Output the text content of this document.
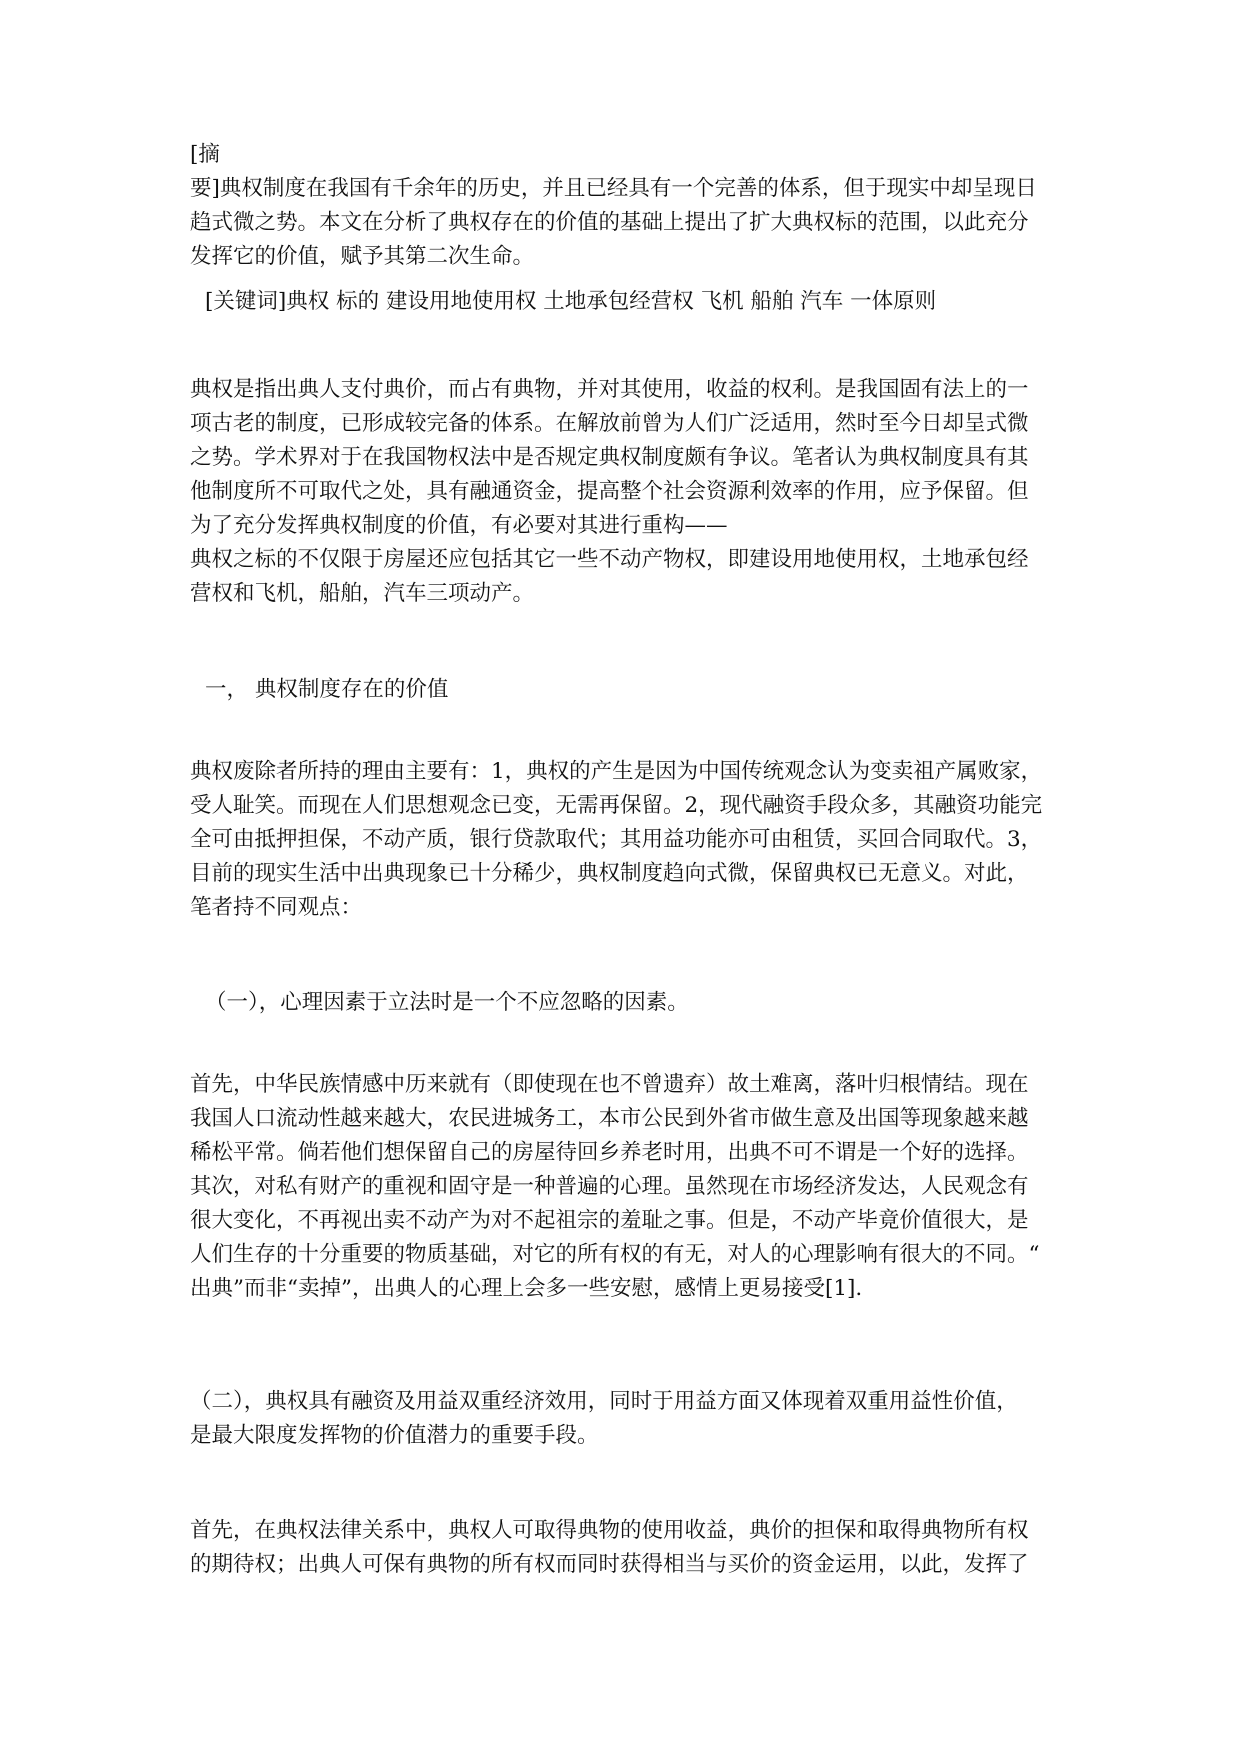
[摘
要]典权制度在我国有千余年的历史，并且已经具有一个完善的体系，但于现实中却呈现日
趋式微之势。本文在分析了典权存在的价值的基础上提出了扩大典权标的范围，以此充分
发挥它的价值，赋予其第二次生命。
[关键词]典权 标的 建设用地使用权 土地承包经营权 飞机 船舶 汽车 一体原则
典权是指出典人支付典价，而占有典物，并对其使用，收益的权利。是我国固有法上的一
项古老的制度，已形成较完备的体系。在解放前曾为人们广泛适用，然时至今日却呈式微
之势。学术界对于在我国物权法中是否规定典权制度颇有争议。笔者认为典权制度具有其
他制度所不可取代之处，具有融通资金，提高整个社会资源利效率的作用，应予保留。但
为了充分发挥典权制度的价值，有必要对其进行重构——
典权之标的不仅限于房屋还应包括其它一些不动产物权，即建设用地使用权，土地承包经
营权和飞机，船舶，汽车三项动产。
一， 典权制度存在的价值
典权废除者所持的理由主要有：1，典权的产生是因为中国传统观念认为变卖祖产属败家，
受人耻笑。而现在人们思想观念已变，无需再保留。2，现代融资手段众多，其融资功能完
全可由抵押担保，不动产质，银行贷款取代；其用益功能亦可由租赁，买回合同取代。3，
目前的现实生活中出典现象已十分稀少，典权制度趋向式微，保留典权已无意义。对此，
笔者持不同观点：
（一），心理因素于立法时是一个不应忽略的因素。
首先，中华民族情感中历来就有（即使现在也不曾遗弃）故土难离，落叶归根情结。现在
我国人口流动性越来越大，农民进城务工，本市公民到外省市做生意及出国等现象越来越
稀松平常。倘若他们想保留自己的房屋待回乡养老时用，出典不可不谓是一个好的选择。
其次，对私有财产的重视和固守是一种普遍的心理。虽然现在市场经济发达，人民观念有
很大变化，不再视出卖不动产为对不起祖宗的羞耻之事。但是，不动产毕竟价值很大，是
人们生存的十分重要的物质基础，对它的所有权的有无，对人的心理影响有很大的不同。“
出典”而非“卖掉”，出典人的心理上会多一些安慰，感情上更易接受[1].
（二），典权具有融资及用益双重经济效用，同时于用益方面又体现着双重用益性价值，
是最大限度发挥物的价值潜力的重要手段。
首先，在典权法律关系中，典权人可取得典物的使用收益，典价的担保和取得典物所有权
的期待权；出典人可保有典物的所有权而同时获得相当与买价的资金运用，以此，发挥了
